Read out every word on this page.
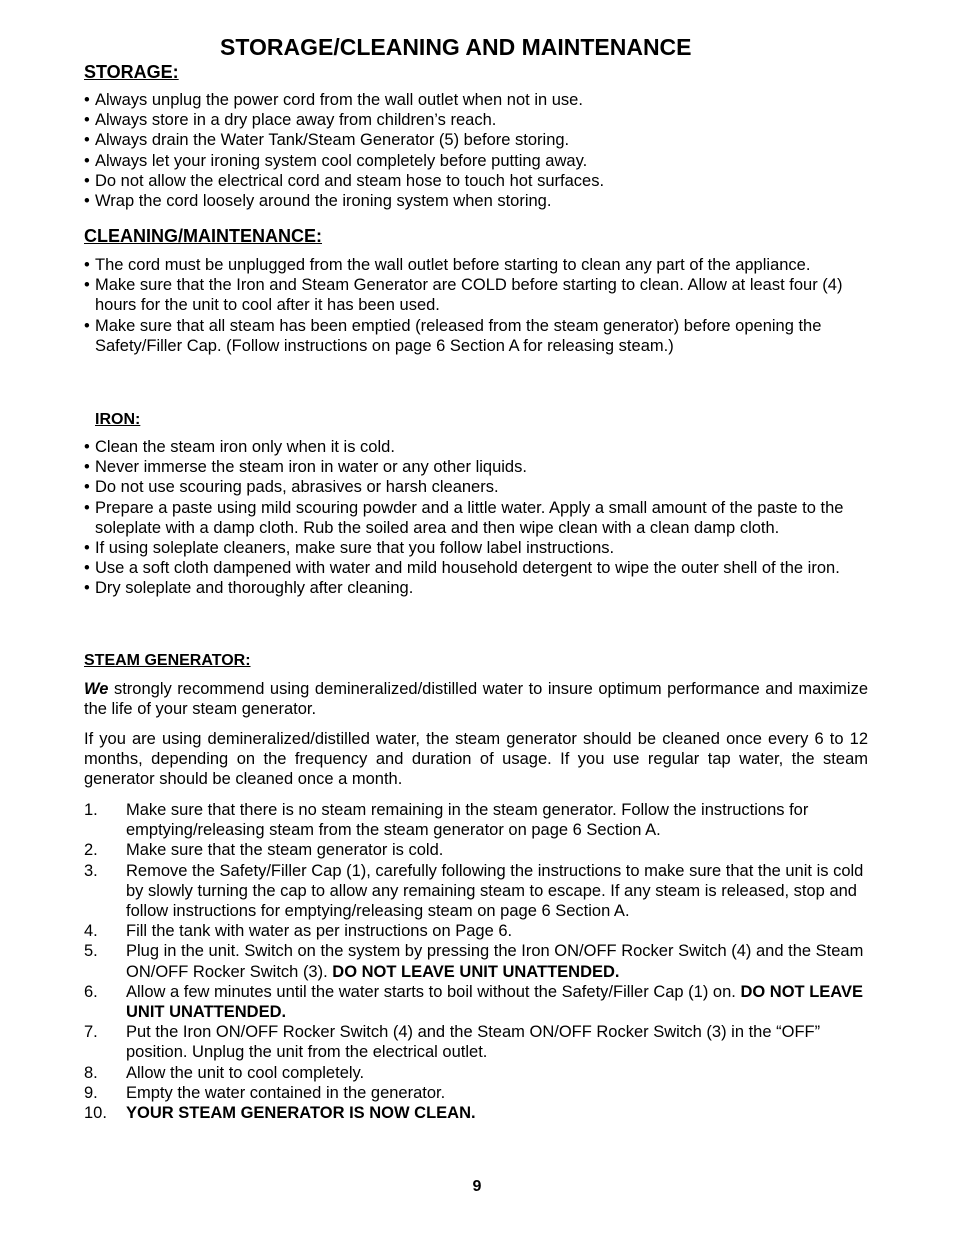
STORAGE/CLEANING AND MAINTENANCE
STORAGE:
• Always unplug the power cord from the wall outlet when not in use.
• Always store in a dry place away from children’s reach.
• Always drain the Water Tank/Steam Generator (5) before storing.
• Always let your ironing system cool completely before putting away.
• Do not allow the electrical cord and steam hose to touch hot surfaces.
• Wrap the cord loosely around the ironing system when storing.
CLEANING/MAINTENANCE:
• The cord must be unplugged from the wall outlet before starting to clean any part of the appliance.
• Make sure that the Iron and Steam Generator are COLD before starting to clean. Allow at least four (4) hours for the unit to cool after it has been used.
• Make sure that all steam has been emptied (released from the steam generator) before opening the Safety/Filler Cap. (Follow instructions on page 6 Section A for releasing steam.)
IRON:
• Clean the steam iron only when it is cold.
• Never immerse the steam iron in water or any other liquids.
• Do not use scouring pads, abrasives or harsh cleaners.
• Prepare a paste using mild scouring powder and a little water. Apply a small amount of the paste to the soleplate with a damp cloth. Rub the soiled area and then wipe clean with a clean damp cloth.
• If using soleplate cleaners, make sure that you follow label instructions.
• Use a soft cloth dampened with water and mild household detergent to wipe the outer shell of the iron.
• Dry soleplate and thoroughly after cleaning.
STEAM GENERATOR:

We strongly recommend using demineralized/distilled water to insure optimum performance and maximize the life of your steam generator.

If you are using demineralized/distilled water, the steam generator should be cleaned once every 6 to 12 months, depending on the frequency and duration of usage. If you use regular tap water, the steam generator should be cleaned once a month.

1. Make sure that there is no steam remaining in the steam generator. Follow the instructions for emptying/releasing steam from the steam generator on page 6 Section A.
2. Make sure that the steam generator is cold.
3. Remove the Safety/Filler Cap (1), carefully following the instructions to make sure that the unit is cold by slowly turning the cap to allow any remaining steam to escape. If any steam is released, stop and follow instructions for emptying/releasing steam on page 6 Section A.
4. Fill the tank with water as per instructions on Page 6.
5. Plug in the unit. Switch on the system by pressing the Iron ON/OFF Rocker Switch (4) and the Steam ON/OFF Rocker Switch (3). DO NOT LEAVE UNIT UNATTENDED.
6. Allow a few minutes until the water starts to boil without the Safety/Filler Cap (1) on. DO NOT LEAVE UNIT UNATTENDED.
7. Put the Iron ON/OFF Rocker Switch (4) and the Steam ON/OFF Rocker Switch (3) in the “OFF” position. Unplug the unit from the electrical outlet.
8. Allow the unit to cool completely.
9. Empty the water contained in the generator.
10. YOUR STEAM GENERATOR IS NOW CLEAN.
9
